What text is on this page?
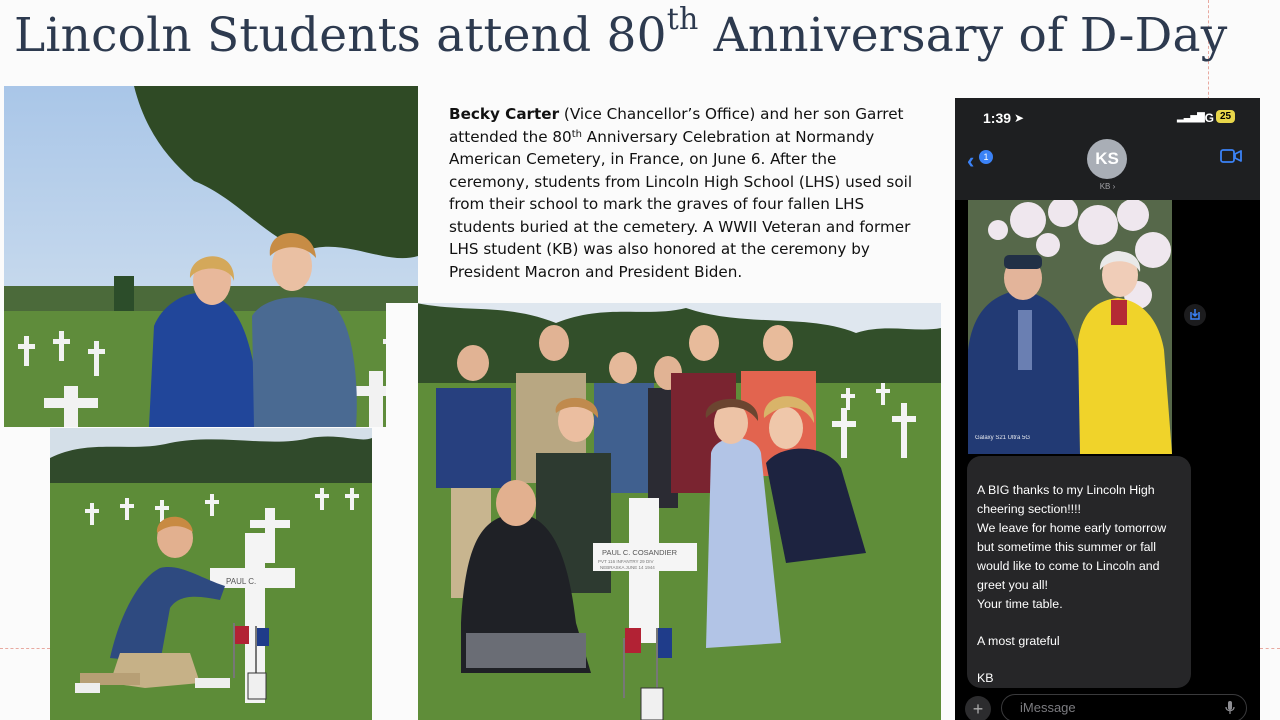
Lincoln Students attend 80th Anniversary of D-Day
PAUL C.
PAUL C. COSANDIER
PVT 116 INFANTRY 29 DIV
NEBRASKA JUNE 14 1944
Becky Carter (Vice Chancellor’s Office) and her son Garret
attended the 80th Anniversary Celebration at Normandy
American Cemetery, in France, on June 6. After the
ceremony, students from Lincoln High School (LHS) used soil
from their school to mark the graves of four fallen LHS
students buried at the cemetery. A WWII Veteran and former
LHS student (KB) was also honored at the ceremony by
President Macron and President Biden.
1:39 ➤	▂▃▅▇
5G 25
‹	1	KS
KB ›
Galaxy S21 Ultra 5G
A BIG thanks to my Lincoln High
cheering section!!!!
We leave for home early tomorrow
but sometime this summer or fall
would like to come to Lincoln and
greet you all!
Your time table.
A most grateful
KB
+	iMessage
